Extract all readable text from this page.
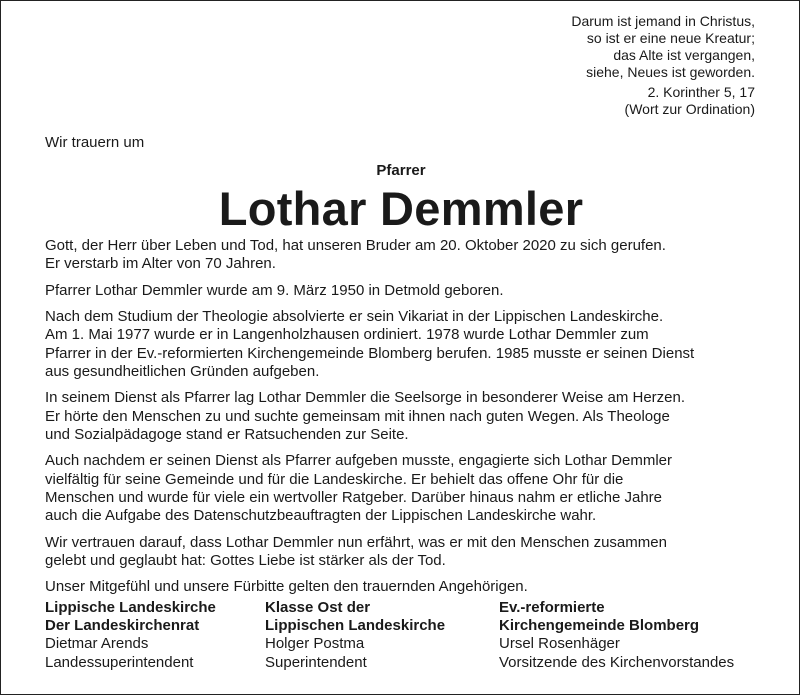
Darum ist jemand in Christus,
so ist er eine neue Kreatur;
das Alte ist vergangen,
siehe, Neues ist geworden.
2. Korinther 5, 17
(Wort zur Ordination)
Wir trauern um
Pfarrer
Lothar Demmler

Gott, der Herr über Leben und Tod, hat unseren Bruder am 20. Oktober 2020 zu sich gerufen.
Er verstarb im Alter von 70 Jahren.

Pfarrer Lothar Demmler wurde am 9. März 1950 in Detmold geboren.

Nach dem Studium der Theologie absolvierte er sein Vikariat in der Lippischen Landeskirche.
Am 1. Mai 1977 wurde er in Langenholzhausen ordiniert. 1978 wurde Lothar Demmler zum
Pfarrer in der Ev.-reformierten Kirchengemeinde Blomberg berufen. 1985 musste er seinen Dienst
aus gesundheitlichen Gründen aufgeben.

In seinem Dienst als Pfarrer lag Lothar Demmler die Seelsorge in besonderer Weise am Herzen.
Er hörte den Menschen zu und suchte gemeinsam mit ihnen nach guten Wegen. Als Theologe
und Sozialpädagoge stand er Ratsuchenden zur Seite.

Auch nachdem er seinen Dienst als Pfarrer aufgeben musste, engagierte sich Lothar Demmler
vielfältig für seine Gemeinde und für die Landeskirche. Er behielt das offene Ohr für die
Menschen und wurde für viele ein wertvoller Ratgeber. Darüber hinaus nahm er etliche Jahre
auch die Aufgabe des Datenschutzbeauftragten der Lippischen Landeskirche wahr.

Wir vertrauen darauf, dass Lothar Demmler nun erfährt, was er mit den Menschen zusammen
gelebt und geglaubt hat: Gottes Liebe ist stärker als der Tod.

Unser Mitgefühl und unsere Fürbitte gelten den trauernden Angehörigen.

Lippische Landeskirche
Der Landeskirchenrat
Dietmar Arends
Landessuperintendent
Klasse Ost der
Lippischen Landeskirche
Holger Postma
Superintendent
Ev.-reformierte
Kirchengemeinde Blomberg
Ursel Rosenhäger
Vorsitzende des Kirchenvorstandes
